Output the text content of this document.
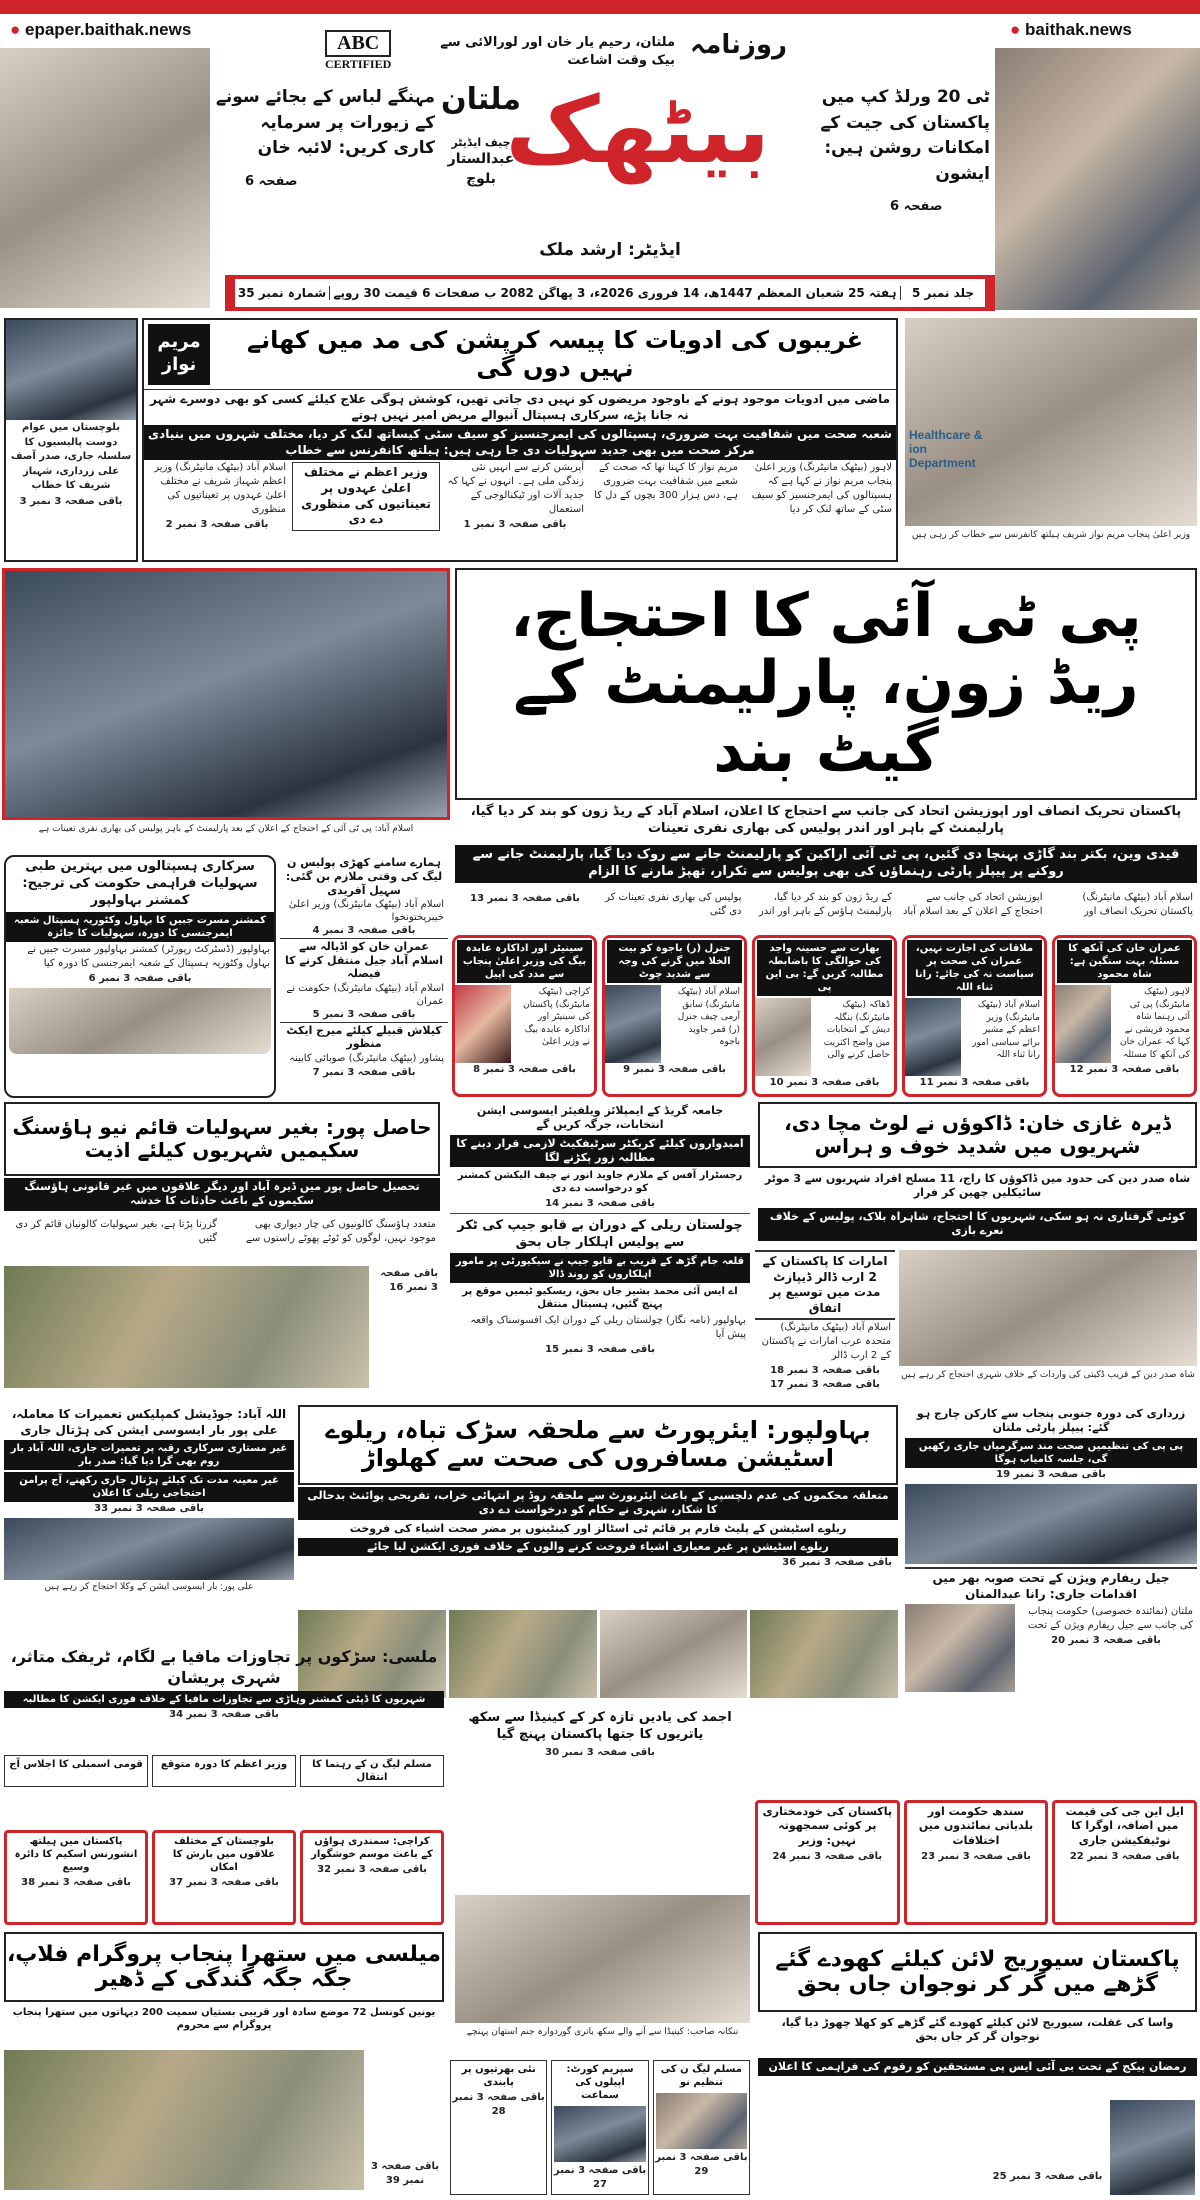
● epaper.baithak.news	● baithak.news
ABC
CERTIFIED
ملتان، رحیم یار خان اور لورالائی سے بیک وقت اشاعت
روزنامہ
بیٹھک
ملتان
چیف ایڈیٹر
عبدالستار بلوچ
ایڈیٹر: ارشد ملک
مہنگے لباس کے بجائے سونے کے زیورات پر سرمایہ کاری کریں: لائبہ خان
صفحہ 6
ٹی 20 ورلڈ کپ میں پاکستان کی جیت کے امکانات روشن ہیں: ایشون
صفحہ 6
جلد نمبر 5
ہفتہ 25 شعبان المعظم 1447ھ، 14 فروری 2026ء، 3 پھاگن 2082 ب صفحات 6 قیمت 30 روپے
شمارہ نمبر 35
بلوچستان میں عوام دوست پالیسیوں کا سلسلہ جاری، صدر آصف علی زرداری، شہباز شریف کا خطاب
باقی صفحہ 3 نمبر 3
غریبوں کی ادویات کا پیسہ کرپشن کی مد میں کھانے نہیں دوں گی
مریم نواز
ماضی میں ادویات موجود ہونے کے باوجود مریضوں کو نہیں دی جاتی تھیں، کوشش ہوگی علاج کیلئے کسی کو بھی دوسرے شہر نہ جانا پڑے، سرکاری ہسپتال آنیوالے مریض امیر نہیں ہوتے
شعبہ صحت میں شفافیت بہت ضروری، ہسپتالوں کی ایمرجنسیز کو سیف سٹی کیساتھ لنک کر دیا، مختلف شہروں میں بنیادی مرکز صحت میں بھی جدید سہولیات دی جا رہی ہیں: ہیلتھ کانفرنس سے خطاب
لاہور (بیٹھک مانیٹرنگ) وزیر اعلیٰ پنجاب مریم نواز نے کہا ہے کہ ہسپتالوں کی ایمرجنسیز کو سیف سٹی کے ساتھ لنک کر دیا
مریم نواز کا کہنا تھا کہ صحت کے شعبے میں شفافیت بہت ضروری ہے، دس ہزار 300 بچوں کے دل کا
آپریشن کرنے سے انہیں نئی زندگی ملی ہے۔ انہوں نے کہا کہ جدید آلات اور ٹیکنالوجی کے استعمال
باقی صفحہ 3 نمبر 1
وزیر اعظم نے مختلف اعلیٰ عہدوں پر تعیناتیوں کی منظوری دے دی
اسلام آباد (بیٹھک مانیٹرنگ) وزیر اعظم شہباز شریف نے مختلف اعلیٰ عہدوں پر تعیناتیوں کی منظوری
باقی صفحہ 3 نمبر 2
Healthcare & ion Department
وزیر اعلیٰ پنجاب مریم نواز شریف ہیلتھ کانفرنس سے خطاب کر رہی ہیں
اسلام آباد: پی ٹی آئی کے احتجاج کے اعلان کے بعد پارلیمنٹ کے باہر پولیس کی بھاری نفری تعینات ہے
پی ٹی آئی کا احتجاج، ریڈ زون، پارلیمنٹ کے گیٹ بند
پاکستان تحریک انصاف اور اپوزیشن اتحاد کی جانب سے احتجاج کا اعلان، اسلام آباد کے ریڈ زون کو بند کر دیا گیا، پارلیمنٹ کے باہر اور اندر پولیس کی بھاری نفری تعینات
قیدی وین، بکتر بند گاڑی پہنچا دی گئیں، پی ٹی آئی اراکین کو پارلیمنٹ جانے سے روک دیا گیا، پارلیمنٹ جانے سے روکنے پر پیپلز پارٹی رہنماؤں کی بھی پولیس سے تکرار، تھپڑ مارنے کا الزام
اسلام آباد (بیٹھک مانیٹرنگ) پاکستان تحریک انصاف اور اپوزیشن اتحاد کی جانب سے احتجاج کے اعلان کے بعد اسلام آباد کے ریڈ زون کو بند کر دیا گیا، پارلیمنٹ ہاؤس کے باہر اور اندر پولیس کی بھاری نفری تعینات کر دی گئی
باقی صفحہ 3 نمبر 13
سرکاری ہسپتالوں میں بہترین طبی سہولیات فراہمی حکومت کی ترجیح: کمشنر بہاولپور
کمشنر مسرت جبیں کا بہاول وکٹوریہ ہسپتال شعبہ ایمرجنسی کا دورہ، سہولیات کا جائزہ
بہاولپور (ڈسٹرکٹ رپورٹر) کمشنر بہاولپور مسرت جبیں نے بہاول وکٹوریہ ہسپتال کے شعبہ ایمرجنسی کا دورہ کیا
باقی صفحہ 3 نمبر 6
ہمارے سامنے کھڑی پولیس ن لیگ کی وقتی ملازم بن گئی: سہیل آفریدی
اسلام آباد (بیٹھک مانیٹرنگ) وزیر اعلیٰ خیبرپختونخوا
باقی صفحہ 3 نمبر 4
عمران خان کو اڈیالہ سے اسلام آباد جیل منتقل کرنے کا فیصلہ
اسلام آباد (بیٹھک مانیٹرنگ) حکومت نے عمران
باقی صفحہ 3 نمبر 5
کیلاش قبیلے کیلئے میرج ایکٹ منظور
پشاور (بیٹھک مانیٹرنگ) صوبائی کابینہ
باقی صفحہ 3 نمبر 7
عمران خان کی آنکھ کا مسئلہ بہت سنگین ہے: شاہ محمود
لاہور (بیٹھک مانیٹرنگ) پی ٹی آئی رہنما شاہ محمود قریشی نے کہا کہ عمران خان کی آنکھ کا مسئلہ
باقی صفحہ 3 نمبر 12
ملاقات کی اجازت نہیں، عمران کی صحت پر سیاست نہ کی جائے: رانا ثناء اللہ
اسلام آباد (بیٹھک مانیٹرنگ) وزیر اعظم کے مشیر برائے سیاسی امور رانا ثناء اللہ
باقی صفحہ 3 نمبر 11
بھارت سے حسینہ واجد کی حوالگی کا باضابطہ مطالبہ کریں گے: بی این پی
ڈھاکہ (بیٹھک مانیٹرنگ) بنگلہ دیش کے انتخابات میں واضح اکثریت حاصل کرنے والی
باقی صفحہ 3 نمبر 10
جنرل (ر) باجوہ کو بیت الخلا میں گرنے کی وجہ سے شدید چوٹ
اسلام آباد (بیٹھک مانیٹرنگ) سابق آرمی چیف جنرل (ر) قمر جاوید باجوہ
باقی صفحہ 3 نمبر 9
سینیٹر اور اداکارہ عابدہ بیگ کی وزیر اعلیٰ پنجاب سے مدد کی اپیل
کراچی (بیٹھک مانیٹرنگ) پاکستان کی سینیٹر اور اداکارہ عابدہ بیگ نے وزیر اعلیٰ
باقی صفحہ 3 نمبر 8
حاصل پور: بغیر سہولیات قائم نیو ہاؤسنگ سکیمیں شہریوں کیلئے اذیت
تحصیل حاصل پور میں ڈیرہ آباد اور دیگر علاقوں میں غیر قانونی ہاؤسنگ سکیموں کے باعث حادثات کا خدشہ
متعدد ہاؤسنگ کالونیوں کی چار دیواری بھی موجود نہیں، لوگوں کو ٹوٹے پھوٹے راستوں سے گزرنا پڑتا ہے، بغیر سہولیات کالونیاں قائم کر دی گئیں
باقی صفحہ 3 نمبر 16
جامعہ گریڈ کے ایمپلائز ویلفیئر ایسوسی ایشن انتخابات، جرگہ کریں گے
امیدواروں کیلئے کریکٹر سرٹیفکیٹ لازمی قرار دینے کا مطالبہ زور پکڑنے لگا
رجسٹرار آفس کے ملازم جاوید انور نے چیف الیکشن کمشنر کو درخواست دے دی
باقی صفحہ 3 نمبر 14
چولستان ریلی کے دوران بے قابو جیپ کی ٹکر سے پولیس اہلکار جاں بحق
قلعہ جام گڑھ کے قریب بے قابو جیپ نے سیکیورٹی پر مامور اہلکاروں کو روند ڈالا
اے ایس آئی محمد بشیر جاں بحق، ریسکیو ٹیمیں موقع پر پہنچ گئیں، ہسپتال منتقل
بہاولپور (نامہ نگار) چولستان ریلی کے دوران ایک افسوسناک واقعہ پیش آیا
باقی صفحہ 3 نمبر 15
ڈیرہ غازی خان: ڈاکوؤں نے لوٹ مچا دی، شہریوں میں شدید خوف و ہراس
شاہ صدر دین کی حدود میں ڈاکوؤں کا راج، 11 مسلح افراد شہریوں سے 3 موٹر سائیکلیں چھین کر فرار
کوئی گرفتاری نہ ہو سکی، شہریوں کا احتجاج، شاہراہ بلاک، پولیس کے خلاف نعرے بازی
امارات کا پاکستان کے 2 ارب ڈالر ڈیپازٹ مدت میں توسیع پر اتفاق
اسلام آباد (بیٹھک مانیٹرنگ) متحدہ عرب امارات نے پاکستان کے 2 ارب ڈالر
باقی صفحہ 3 نمبر 18
باقی صفحہ 3 نمبر 17
شاہ صدر دین کے قریب ڈکیتی کی واردات کے خلاف شہری احتجاج کر رہے ہیں
اللہ آباد: جوڈیشل کمپلیکس تعمیرات کا معاملہ، علی پور بار ایسوسی ایشن کی ہڑتال جاری
غیر مستاری سرکاری رقبہ پر تعمیرات جاری، اللہ آباد بار روم بھی گرا دیا گیا: صدر بار
غیر معینہ مدت تک کیلئے ہڑتال جاری رکھنے، آج پرامن احتجاجی ریلی کا اعلان
باقی صفحہ 3 نمبر 33
علی پور: بار ایسوسی ایشن کے وکلا احتجاج کر رہے ہیں
بہاولپور: ایئرپورٹ سے ملحقہ سڑک تباہ، ریلوے اسٹیشن مسافروں کی صحت سے کھلواڑ
متعلقہ محکموں کی عدم دلچسپی کے باعث ایئرپورٹ سے ملحقہ روڈ پر انتہائی خراب، تفریحی پوائنٹ بدحالی کا شکار، شہری نے حکام کو درخواست دے دی
ریلوے اسٹیشن کے پلیٹ فارم پر قائم ٹی اسٹالز اور کینٹینوں پر مضر صحت اشیاء کی فروخت
ریلوے اسٹیشن پر غیر معیاری اشیاء فروخت کرنے والوں کے خلاف فوری ایکشن لیا جائے
باقی صفحہ 3 نمبر 36
زرداری کی دورہ جنوبی پنجاب سے کارکن چارج ہو گئے: پیپلز پارٹی ملتان
پی پی کی تنظیمیں صحت مند سرگرمیاں جاری رکھیں گی، جلسہ کامیاب ہوگا
باقی صفحہ 3 نمبر 19
جیل ریفارم ویژن کے تحت صوبہ بھر میں اقدامات جاری: رانا عبدالمنان
ملتان (نمائندہ خصوصی) حکومت پنجاب کی جانب سے جیل ریفارم ویژن کے تحت
باقی صفحہ 3 نمبر 20
ملسی: سڑکوں پر تجاوزات مافیا بے لگام، ٹریفک متاثر، شہری پریشان
شہریوں کا ڈپٹی کمشنر وہاڑی سے تجاوزات مافیا کے خلاف فوری ایکشن کا مطالبہ
باقی صفحہ 3 نمبر 34
مسلم لیگ ن کے رہنما کا انتقال
وزیر اعظم کا دورہ متوقع
قومی اسمبلی کا اجلاس آج
کراچی: سمندری ہواؤں کے باعث موسم خوشگوار
باقی صفحہ 3 نمبر 32
بلوچستان کے مختلف علاقوں میں بارش کا امکان
باقی صفحہ 3 نمبر 37
پاکستان میں ہیلتھ انشورنس اسکیم کا دائرہ وسیع
باقی صفحہ 3 نمبر 38
اجمد کی یادیں تازہ کر کے کینیڈا سے سکھ یاتریوں کا جتھا پاکستان پہنچ گیا
باقی صفحہ 3 نمبر 30
ایل این جی کی قیمت میں اضافہ، اوگرا کا نوٹیفکیشن جاری
باقی صفحہ 3 نمبر 22
سندھ حکومت اور بلدیاتی نمائندوں میں اختلافات
باقی صفحہ 3 نمبر 23
پاکستان کی خودمختاری پر کوئی سمجھوتہ نہیں: وزیر
باقی صفحہ 3 نمبر 24
میلسی میں ستھرا پنجاب پروگرام فلاپ، جگہ جگہ گندگی کے ڈھیر
یونین کونسل 72 موضع سادہ اور قریبی بستیاں سمیت 200 دیہاتوں میں ستھرا پنجاب پروگرام سے محروم
باقی صفحہ 3 نمبر 39
ننکانہ صاحب: کینیڈا سے آنے والے سکھ یاتری گوردوارہ جنم استھان پہنچے
مسلم لیگ ن کی تنظیم نو
باقی صفحہ 3 نمبر 29
سپریم کورٹ: اپیلوں کی سماعت
باقی صفحہ 3 نمبر 27
نئی بھرتیوں پر پابندی
باقی صفحہ 3 نمبر 28
پاکستان سیوریج لائن کیلئے کھودے گئے گڑھے میں گر کر نوجوان جاں بحق
واسا کی غفلت، سیوریج لائن کیلئے کھودے گئے گڑھے کو کھلا چھوڑ دیا گیا، نوجوان گر کر جاں بحق
رمضان پیکج کے تحت بی آئی ایس پی مستحقین کو رقوم کی فراہمی کا اعلان
باقی صفحہ 3 نمبر 25
